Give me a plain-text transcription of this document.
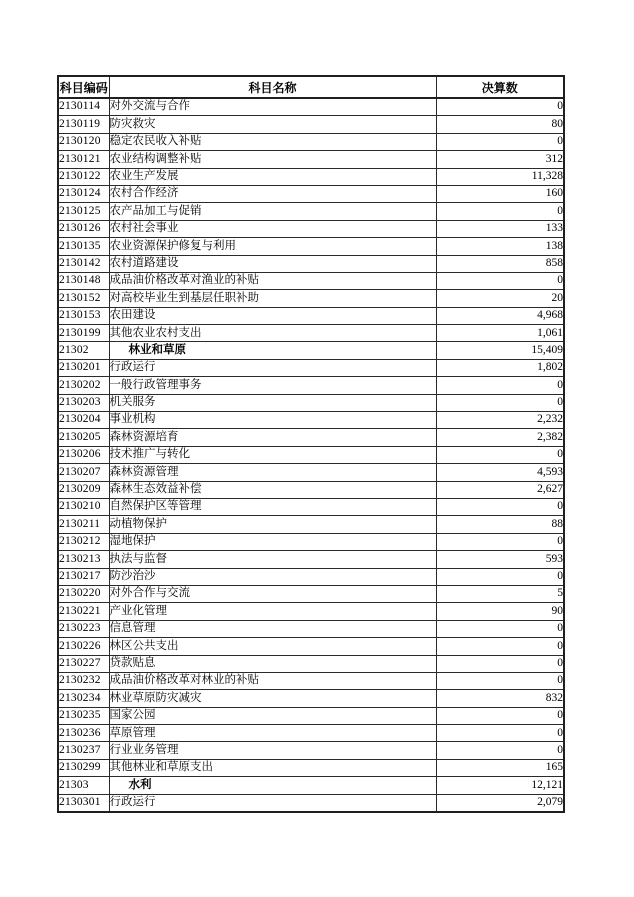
科目编码	科目名称	决算数
2130114	对外交流与合作	0
2130119	防灾救灾	80
2130120	稳定农民收入补贴	0
2130121	农业结构调整补贴	312
2130122	农业生产发展	11,328
2130124	农村合作经济	160
2130125	农产品加工与促销	0
2130126	农村社会事业	133
2130135	农业资源保护修复与利用	138
2130142	农村道路建设	858
2130148	成品油价格改革对渔业的补贴	0
2130152	对高校毕业生到基层任职补助	20
2130153	农田建设	4,968
2130199	其他农业农村支出	1,061
21302	林业和草原	15,409
2130201	行政运行	1,802
2130202	一般行政管理事务	0
2130203	机关服务	0
2130204	事业机构	2,232
2130205	森林资源培育	2,382
2130206	技术推广与转化	0
2130207	森林资源管理	4,593
2130209	森林生态效益补偿	2,627
2130210	自然保护区等管理	0
2130211	动植物保护	88
2130212	湿地保护	0
2130213	执法与监督	593
2130217	防沙治沙	0
2130220	对外合作与交流	5
2130221	产业化管理	90
2130223	信息管理	0
2130226	林区公共支出	0
2130227	贷款贴息	0
2130232	成品油价格改革对林业的补贴	0
2130234	林业草原防灾减灾	832
2130235	国家公园	0
2130236	草原管理	0
2130237	行业业务管理	0
2130299	其他林业和草原支出	165
21303	水利	12,121
2130301	行政运行	2,079
